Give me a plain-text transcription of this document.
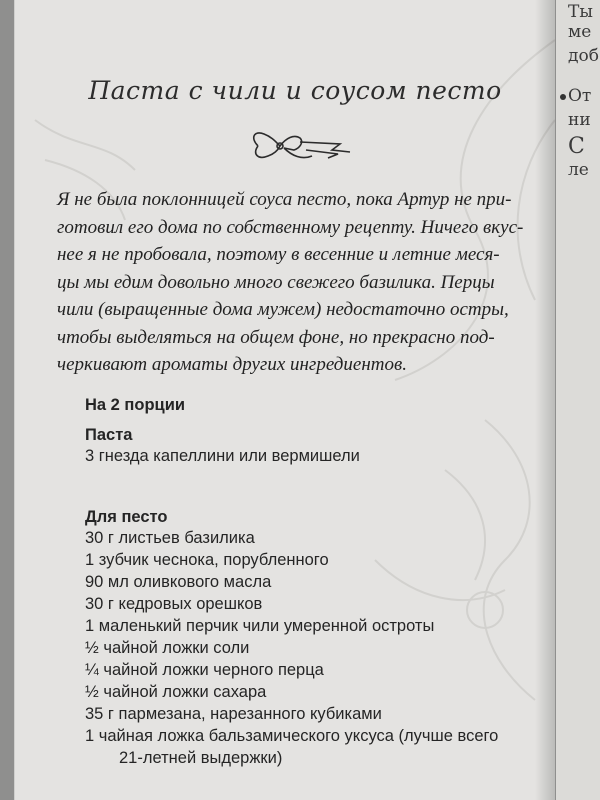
Паста с чили и соусом песто
Я не была поклонницей соуса песто, пока Артур не при-
готовил его дома по собственному рецепту. Ничего вкус-
нее я не пробовала, поэтому в весенние и летние меся-
цы мы едим довольно много свежего базилика. Перцы
чили (выращенные дома мужем) недостаточно остры,
чтобы выделяться на общем фоне, но прекрасно под-
черкивают ароматы других ингредиентов.
На 2 порции
Паста
3 гнезда капеллини или вермишели
Для песто
30 г листьев базилика
1 зубчик чеснока, порубленного
90 мл оливкового масла
30 г кедровых орешков
1 маленький перчик чили умеренной остроты
½ чайной ложки соли
¼ чайной ложки черного перца
½ чайной ложки сахара
35 г пармезана, нарезанного кубиками
1 чайная ложка бальзамического уксуса (лучше всего
21-летней выдержки)
Ты
ме
доб
От
ни
С
ле
